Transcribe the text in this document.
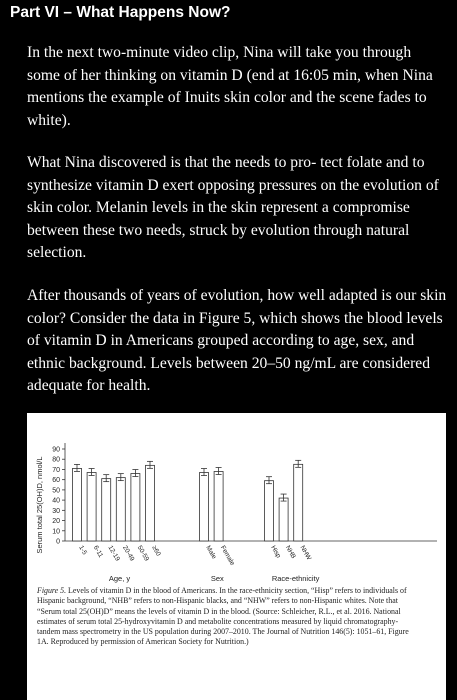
Part VI – What Happens Now?

In the next two-minute video clip, Nina will take you through some of her thinking on vitamin D (end at 16:05 min, when Nina mentions the example of Inuits skin color and the scene fades to white).

What Nina discovered is that the needs to pro- tect folate and to synthesize vitamin D exert opposing pressures on the evolution of skin color. Melanin levels in the skin represent a compromise between these two needs, struck by evolution through natural selection.

After thousands of years of evolution, how well adapted is our skin color? Consider the data in Figure 5, which shows the blood levels of vitamin D in Americans grouped according to age, sex, and ethnic background. Levels between 20–50 ng/mL are considered adequate for health.

0
10
20
30
40
50
60
70
80
90
Serum total 25(OH)D, nmol/L	1-5 6-11 12-19 20-49 50-59 ≥60
Age, y
Male Female
Sex
Hisp NHB NHW
Race-ethnicity
Figure 5. Levels of vitamin D in the blood of Americans. In the race-ethnicity section, “Hisp” refers to individuals of Hispanic background, “NHB” refers to non-Hispanic blacks, and “NHW” refers to non-Hispanic whites. Note that “Serum total 25(OH)D” means the levels of vitamin D in the blood. (Source: Schleicher, R.L., et al. 2016. National estimates of serum total 25-hydroxyvitamin D and metabolite concentrations measured by liquid chromatography-tandem mass spectrometry in the US population during 2007–2010. The Journal of Nutrition 146(5): 1051–61, Figure 1A. Reproduced by permission of American Society for Nutrition.)
